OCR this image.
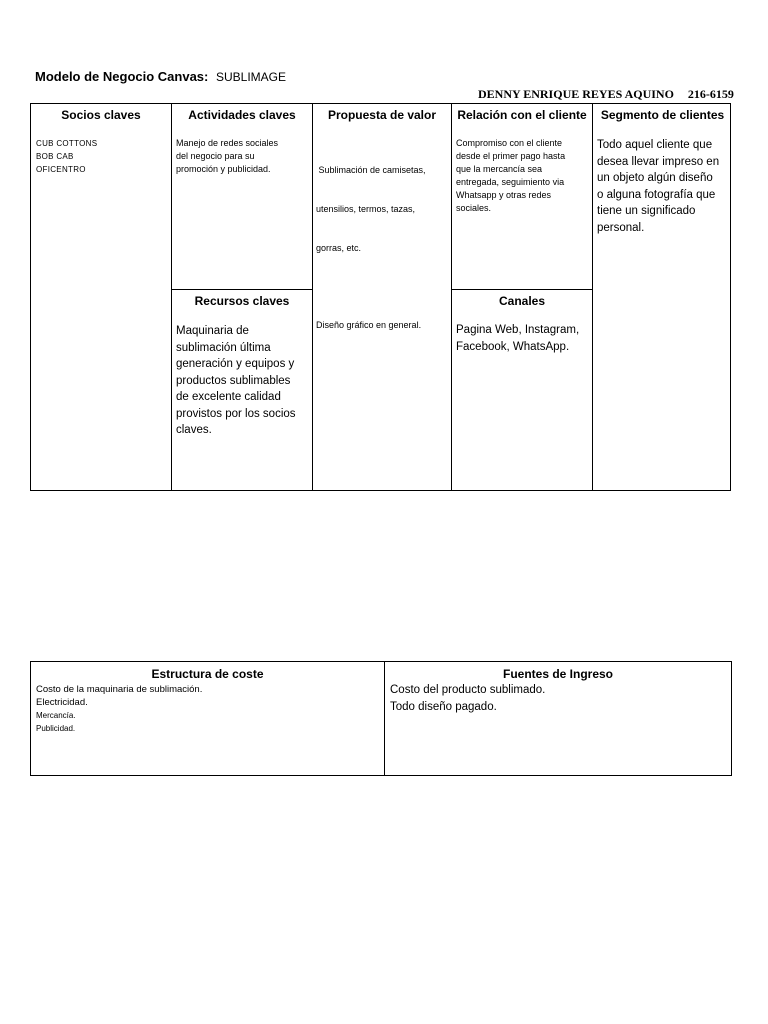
Modelo de Negocio Canvas: SUBLIMAGE
DENNY ENRIQUE REYES AQUINO 216-6159
Socios claves
CUB COTTONS
BOB CAB
OFICENTRO
Actividades claves
Manejo de redes sociales
del negocio para su
promoción y publicidad.
Recursos claves
Maquinaria de
sublimación última
generación y equipos y
productos sublimables
de excelente calidad
provistos por los socios
claves.
Propuesta de valor

Sublimación de camisetas,

utensilios, termos, tazas,

gorras, etc.

Diseño gráfico en general.

Relación con el cliente
Compromiso con el cliente
desde el primer pago hasta
que la mercancía sea
entregada, seguimiento via
Whatsapp y otras redes
sociales.
Canales
Pagina Web, Instagram,
Facebook, WhatsApp.
Segmento de clientes
Todo aquel cliente que
desea llevar impreso en
un objeto algún diseño
o alguna fotografía que
tiene un significado
personal.
Estructura de coste
Costo de la maquinaria de sublimación.
Electricidad.
Mercancía.
Publicidad.
Fuentes de Ingreso
Costo del producto sublimado.
Todo diseño pagado.
